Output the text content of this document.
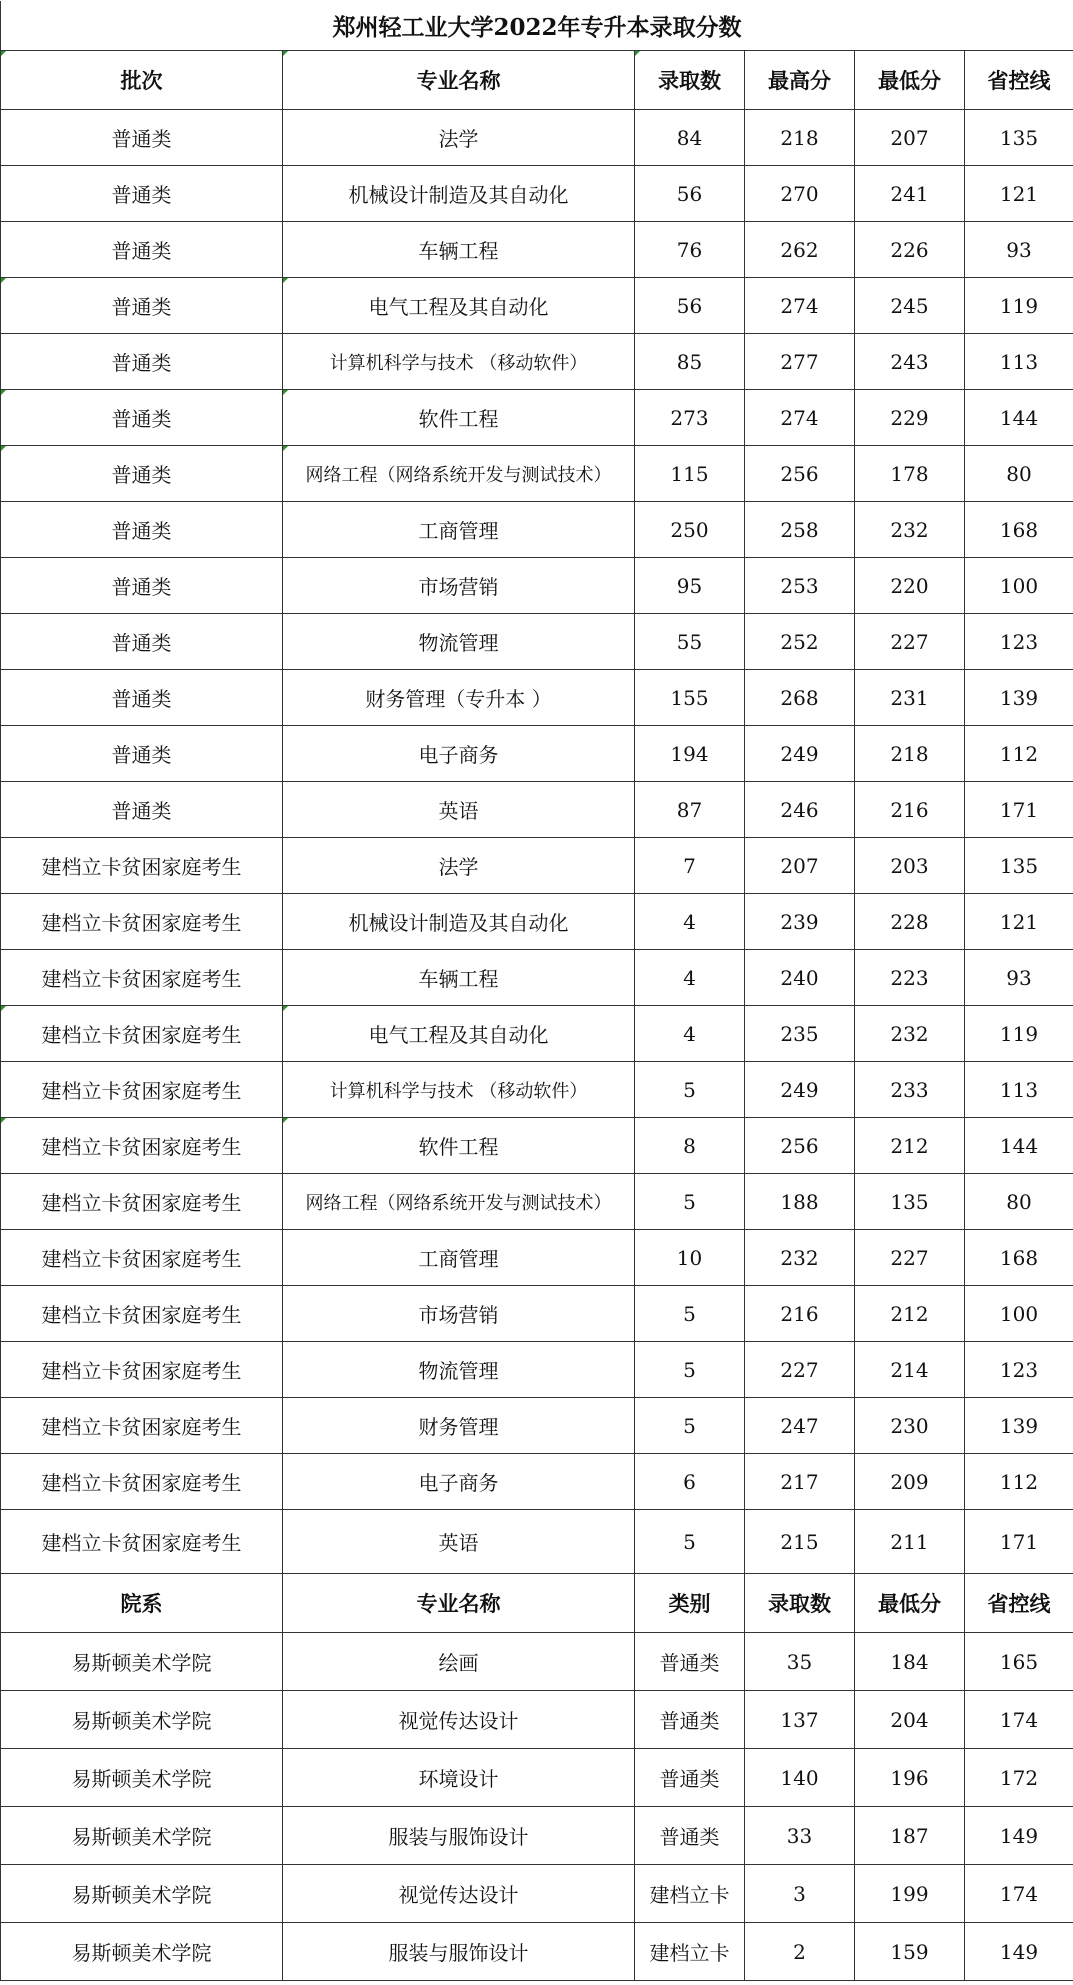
郑州轻工业大学2022年专升本录取分数					
批次	专业名称	录取数	最高分	最低分	省控线
普通类	法学	84	218	207	135
普通类	机械设计制造及其自动化	56	270	241	121
普通类	车辆工程	76	262	226	93
普通类	电气工程及其自动化	56	274	245	119
普通类	计算机科学与技术 （移动软件）	85	277	243	113
普通类	软件工程	273	274	229	144
普通类	网络工程（网络系统开发与测试技术）	115	256	178	80
普通类	工商管理	250	258	232	168
普通类	市场营销	95	253	220	100
普通类	物流管理	55	252	227	123
普通类	财务管理（专升本 ）	155	268	231	139
普通类	电子商务	194	249	218	112
普通类	英语	87	246	216	171
建档立卡贫困家庭考生	法学	7	207	203	135
建档立卡贫困家庭考生	机械设计制造及其自动化	4	239	228	121
建档立卡贫困家庭考生	车辆工程	4	240	223	93
建档立卡贫困家庭考生	电气工程及其自动化	4	235	232	119
建档立卡贫困家庭考生	计算机科学与技术 （移动软件）	5	249	233	113
建档立卡贫困家庭考生	软件工程	8	256	212	144
建档立卡贫困家庭考生	网络工程（网络系统开发与测试技术）	5	188	135	80
建档立卡贫困家庭考生	工商管理	10	232	227	168
建档立卡贫困家庭考生	市场营销	5	216	212	100
建档立卡贫困家庭考生	物流管理	5	227	214	123
建档立卡贫困家庭考生	财务管理	5	247	230	139
建档立卡贫困家庭考生	电子商务	6	217	209	112
建档立卡贫困家庭考生	英语	5	215	211	171
院系	专业名称	类别	录取数	最低分	省控线
易斯顿美术学院	绘画	普通类	35	184	165
易斯顿美术学院	视觉传达设计	普通类	137	204	174
易斯顿美术学院	环境设计	普通类	140	196	172
易斯顿美术学院	服装与服饰设计	普通类	33	187	149
易斯顿美术学院	视觉传达设计	建档立卡	3	199	174
易斯顿美术学院	服装与服饰设计	建档立卡	2	159	149
